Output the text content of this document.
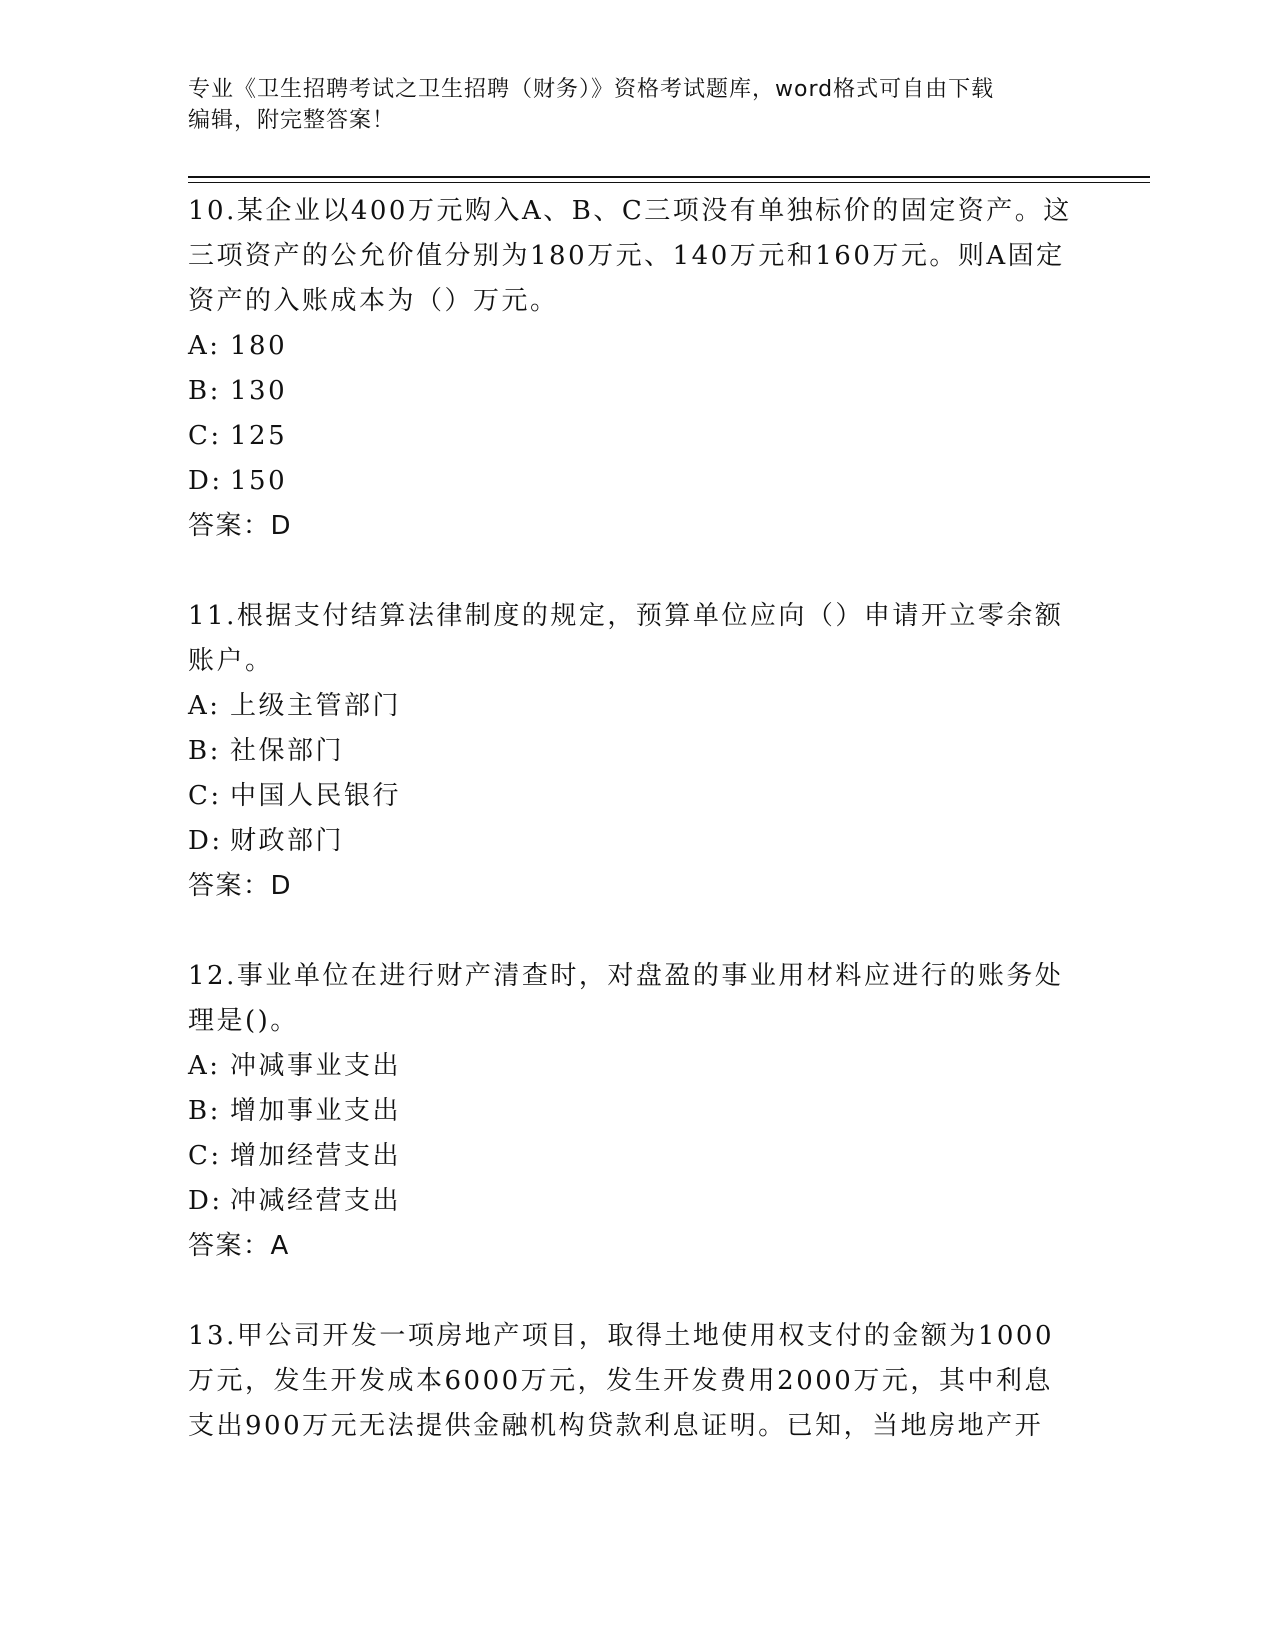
专业《卫生招聘考试之卫生招聘（财务）》资格考试题库，word格式可自由下载
编辑，附完整答案！

10.某企业以400万元购入A、B、C三项没有单独标价的固定资产。这

三项资产的公允价值分别为180万元、140万元和160万元。则A固定

资产的入账成本为（）万元。

A: 180

B: 130

C: 125

D: 150

答案：D

11.根据支付结算法律制度的规定，预算单位应向（）申请开立零余额

账户。

A: 上级主管部门

B: 社保部门

C: 中国人民银行

D: 财政部门

答案：D

12.事业单位在进行财产清查时，对盘盈的事业用材料应进行的账务处

理是()。

A: 冲减事业支出

B: 增加事业支出

C: 增加经营支出

D: 冲减经营支出

答案：A

13.甲公司开发一项房地产项目，取得土地使用权支付的金额为1000

万元，发生开发成本6000万元，发生开发费用2000万元，其中利息

支出900万元无法提供金融机构贷款利息证明。已知，当地房地产开
